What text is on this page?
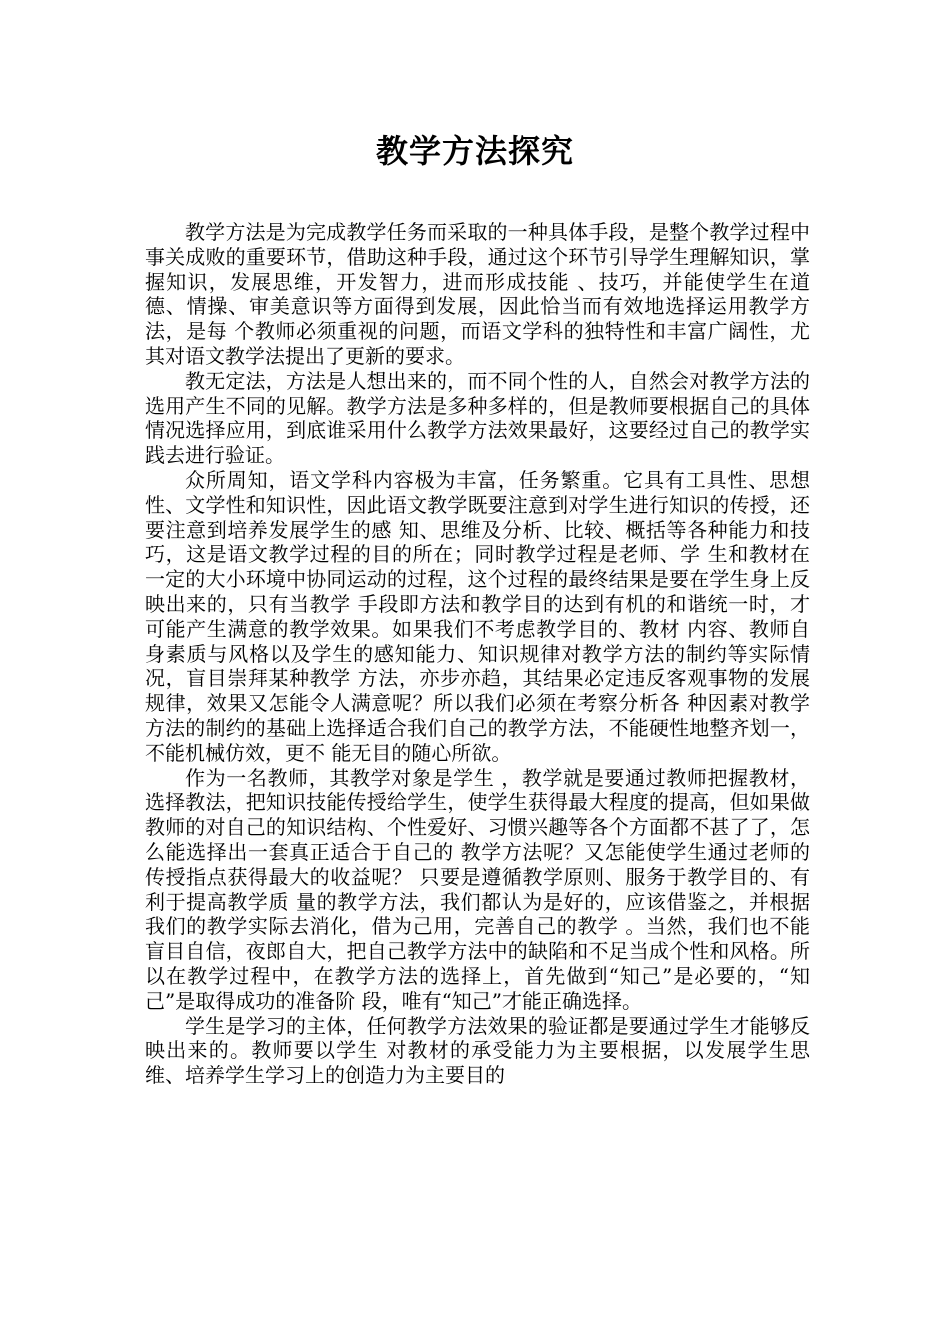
教学方法探究

教学方法是为完成教学任务而采取的一种具体手段，是整个教学过程中事关成败的重要环节，借助这种手段，通过这个环节引导学生理解知识，掌握知识，发展思维，开发智力，进而形成技能 、技巧，并能使学生在道德、情操、审美意识等方面得到发展，因此恰当而有效地选择运用教学方法，是每 个教师必须重视的问题，而语文学科的独特性和丰富广阔性，尤其对语文教学法提出了更新的要求。

教无定法，方法是人想出来的，而不同个性的人，自然会对教学方法的选用产生不同的见解。教学方法是多种多样的，但是教师要根据自己的具体 情况选择应用，到底谁采用什么教学方法效果最好，这要经过自己的教学实践去进行验证。

众所周知，语文学科内容极为丰富，任务繁重。它具有工具性、思想性、文学性和知识性，因此语文教学既要注意到对学生进行知识的传授，还要注意到培养发展学生的感 知、思维及分析、比较、概括等各种能力和技巧，这是语文教学过程的目的所在；同时教学过程是老师、学 生和教材在一定的大小环境中协同运动的过程，这个过程的最终结果是要在学生身上反映出来的，只有当教学 手段即方法和教学目的达到有机的和谐统一时，才可能产生满意的教学效果。如果我们不考虑教学目的、教材 内容、教师自身素质与风格以及学生的感知能力、知识规律对教学方法的制约等实际情况，盲目崇拜某种教学 方法，亦步亦趋，其结果必定违反客观事物的发展规律，效果又怎能令人满意呢？所以我们必须在考察分析各 种因素对教学方法的制约的基础上选择适合我们自己的教学方法，不能硬性地整齐划一，不能机械仿效，更不 能无目的随心所欲。

作为一名教师，其教学对象是学生 ，教学就是要通过教师把握教材，选择教法，把知识技能传授给学生，使学生获得最大程度的提高，但如果做 教师的对自己的知识结构、个性爱好、习惯兴趣等各个方面都不甚了了，怎么能选择出一套真正适合于自己的 教学方法呢？又怎能使学生通过老师的传授指点获得最大的收益呢？ 只要是遵循教学原则、服务于教学目的、有利于提高教学质 量的教学方法，我们都认为是好的，应该借鉴之，并根据我们的教学实际去消化，借为己用，完善自己的教学 。当然，我们也不能盲目自信，夜郎自大，把自己教学方法中的缺陷和不足当成个性和风格。所以在教学过程中，在教学方法的选择上，首先做到“知己”是必要的，“知己”是取得成功的准备阶 段，唯有“知己”才能正确选择。

学生是学习的主体，任何教学方法效果的验证都是要通过学生才能够反映出来的。教师要以学生 对教材的承受能力为主要根据，以发展学生思维、培养学生学习上的创造力为主要目的
